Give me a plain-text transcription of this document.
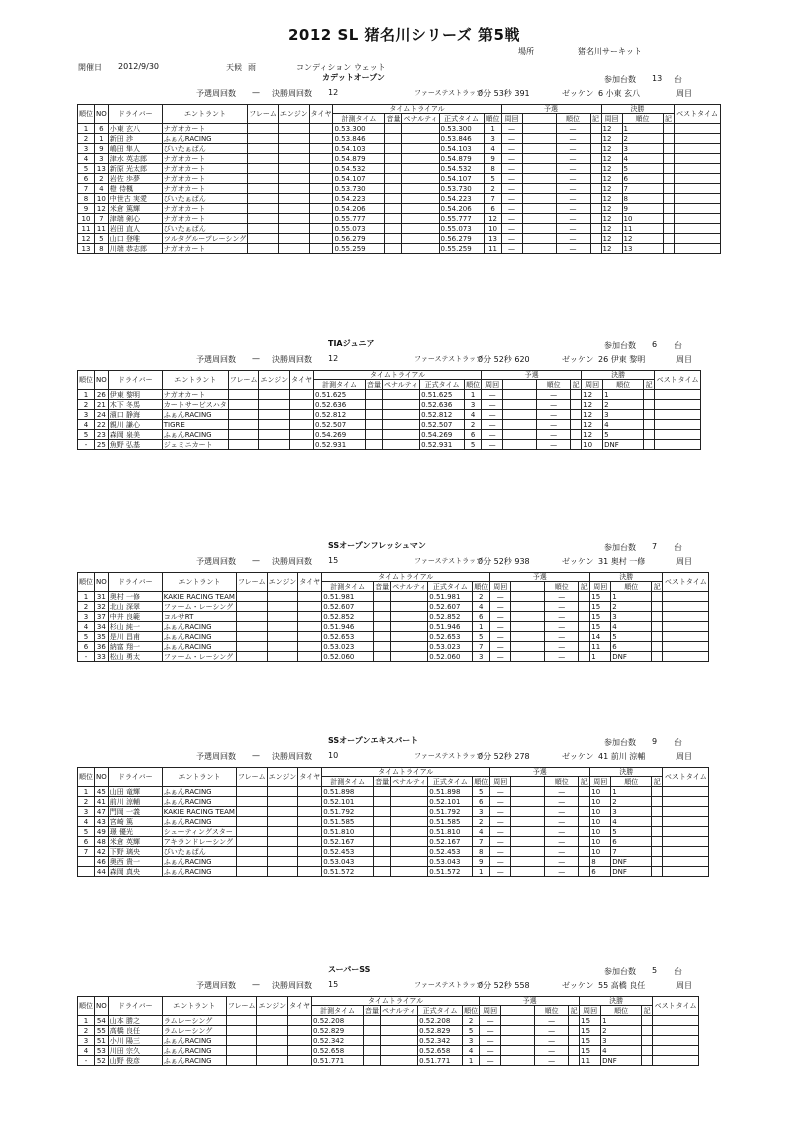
2012 SL 猪名川シリーズ 第5戦
場所	猪名川サーキット
開催日 2012/9/30	天候 雨	コンディション ウェット
カデットオープン	参加台数 13 台
予選周回数 — 決勝周回数 12	ファーステストラップ
0分 53秒 391	ゼッケン 6 小東 玄八	周目
順位	NO	ドライバー	エントラント	フレーム	エンジン	タイヤ	タイムトライアル					予選				決勝			ベストタイム
							計測タイム	音量	ペナルティ	正式タイム	順位	周回		順位	記	周回	順位	記	
1	6	小東 玄八	ナガオカート				0.53.300			0.53.300	1	—		—		12	1		
2	1	新田 渉	ふぁんRACING				0.53.846			0.53.846	3	—		—		12	2		
3	9	嶋田 隼人	びいたぁぱん				0.54.103			0.54.103	4	—		—		12	3		
4	3	津水 英志郎	ナガオカート				0.54.879			0.54.879	9	—		—		12	4		
5	13	新原 光太郎	ナガオカート				0.54.532			0.54.532	8	—		—		12	5		
6	2	岩佐 歩夢	ナガオカート				0.54.107			0.54.107	5	—		—		12	6		
7	4	橙 侍楓	ナガオカート				0.53.730			0.53.730	2	—		—		12	7		
8	10	中世古 実愛	びいたぁぱん				0.54.223			0.54.223	7	—		—		12	8		
9	12	米倉 篤輝	ナガオカート				0.54.206			0.54.206	6	—		—		12	9		
10	7	津端 剣心	ナガオカート				0.55.777			0.55.777	12	—		—		12	10		
11	11	岩田 直人	びいたぁぱん				0.55.073			0.55.073	10	—		—		12	11		
12	5	山口 登唯	ツルタグループレーシング				0.56.279			0.56.279	13	—		—		12	12		
13	8	川端 恭志郎	ナガオカート				0.55.259			0.55.259	11	—		—		12	13		
TIAジュニア	参加台数 6 台
予選周回数 — 決勝周回数 12	ファーステストラップ
0分 52秒 620	ゼッケン 26 伊東 黎明	周目
順位	NO	ドライバー	エントラント	フレーム	エンジン	タイヤ	タイムトライアル					予選				決勝			ベストタイム
							計測タイム	音量	ペナルティ	正式タイム	順位	周回		順位	記	周回	順位	記	
1	26	伊東 黎明	ナガオカート				0.51.625			0.51.625	1	—		—		12	1		
2	21	木下 冬馬	カートサービスハタ				0.52.636			0.52.636	3	—		—		12	2		
3	24	濱口 静海	ふぁんRACING				0.52.812			0.52.812	4	—		—		12	3		
4	22	親川 謙心	TIGRE				0.52.507			0.52.507	2	—		—		12	4		
5	23	森岡 泉美	ふぁんRACING				0.54.269			0.54.269	6	—		—		12	5		
-	25	魚野 弘基	ジェミニカート				0.52.931			0.52.931	5	—		—		10	DNF		
SSオープンフレッシュマン	参加台数 7 台
予選周回数 — 決勝周回数 15	ファーステストラップ
0分 52秒 938	ゼッケン 31 奥村 一修	周目
順位	NO	ドライバー	エントラント	フレーム	エンジン	タイヤ	タイムトライアル					予選				決勝			ベストタイム
							計測タイム	音量	ペナルティ	正式タイム	順位	周回		順位	記	周回	順位	記	
1	31	奥村 一修	KAKIE RACING TEAM				0.51.981			0.51.981	2	—		—		15	1		
2	32	北山 深翠	ファーム・レーシング				0.52.607			0.52.607	4	—		—		15	2		
3	37	中井 良範	コルサRT				0.52.852			0.52.852	6	—		—		15	3		
4	34	杉山 純一	ふぁんRACING				0.51.946			0.51.946	1	—		—		15	4		
5	35	是川 昌甫	ふぁんRACING				0.52.653			0.52.653	5	—		—		14	5		
6	36	納富 翔一	ふぁんRACING				0.53.023			0.53.023	7	—		—		11	6		
-	33	松山 勇太	ファーム・レーシング				0.52.060			0.52.060	3	—		—		1	DNF		
SSオープンエキスパート	参加台数 9 台
予選周回数 — 決勝周回数 10	ファーステストラップ
0分 52秒 278	ゼッケン 41 前川 涼輔	周目
順位	NO	ドライバー	エントラント	フレーム	エンジン	タイヤ	タイムトライアル					予選				決勝			ベストタイム
							計測タイム	音量	ペナルティ	正式タイム	順位	周回		順位	記	周回	順位	記	
1	45	山田 竜輝	ふぁんRACING				0.51.898			0.51.898	5	—		—		10	1		
2	41	前川 涼輔	ふぁんRACING				0.52.101			0.52.101	6	—		—		10	2		
3	47	門岡 一義	KAKIE RACING TEAM				0.51.792			0.51.792	3	—		—		10	3		
4	43	宮崎 篤	ふぁんRACING				0.51.585			0.51.585	2	—		—		10	4		
5	49	璟 優光	シューティングスター				0.51.810			0.51.810	4	—		—		10	5		
6	48	米倉 英輝	アキランドレーシング				0.52.167			0.52.167	7	—		—		10	6		
7	42	下野 璃央	びいたぁぱん				0.52.453			0.52.453	8	—		—		10	7		
	46	奥西 貴一	ふぁんRACING				0.53.043			0.53.043	9	—		—		8	DNF		
	44	森岡 真央	ふぁんRACING				0.51.572			0.51.572	1	—		—		6	DNF		
スーパーSS	参加台数 5 台
予選周回数 — 決勝周回数 15	ファーステストラップ
0分 52秒 558	ゼッケン 55 高橋 良任	周目
順位	NO	ドライバー	エントラント	フレーム	エンジン	タイヤ	タイムトライアル					予選				決勝			ベストタイム
							計測タイム	音量	ペナルティ	正式タイム	順位	周回		順位	記	周回	順位	記	
1	54	山本 勝之	ラムレーシング				0.52.208			0.52.208	2	—		—		15	1		
2	55	高橋 良任	ラムレーシング				0.52.829			0.52.829	5	—		—		15	2		
3	51	小川 陽三	ふぁんRACING				0.52.342			0.52.342	3	—		—		15	3		
4	53	川田 宗久	ふぁんRACING				0.52.658			0.52.658	4	—		—		15	4		
-	52	山野 俊彦	ふぁんRACING				0.51.771			0.51.771	1	—		—		11	DNF		
